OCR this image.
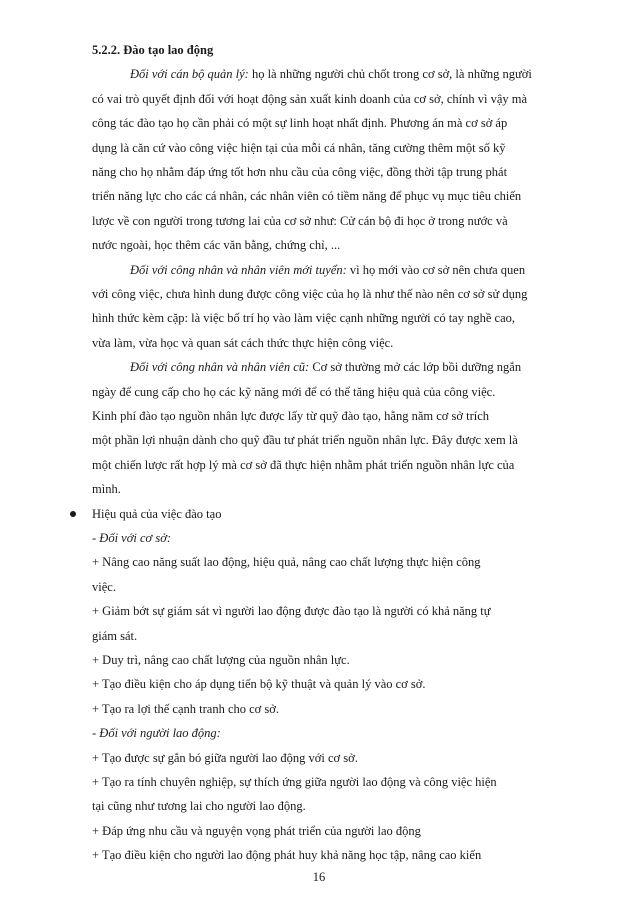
5.2.2. Đào tạo lao động
Đối với cán bộ quản lý: họ là những người chủ chốt trong cơ sở, là những người
có vai trò quyết định đối với hoạt động sản xuất kinh doanh của cơ sở, chính vì vậy mà
công tác đào tạo họ cần phải có một sự linh hoạt nhất định. Phương án mà cơ sở áp
dụng là căn cứ vào công việc hiện tại của mỗi cá nhân, tăng cường thêm một số kỹ
năng cho họ nhằm đáp ứng tốt hơn nhu cầu của công việc, đồng thời tập trung phát
triển năng lực cho các cá nhân, các nhân viên có tiềm năng để phục vụ mục tiêu chiến
lược về con người trong tương lai của cơ sở như: Cử cán bộ đi học ở trong nước và
nước ngoài, học thêm các văn bằng, chứng chỉ, ...
Đối với công nhân và nhân viên mới tuyển: vì họ mới vào cơ sở nên chưa quen
với công việc, chưa hình dung được công việc của họ là như thế nào nên cơ sở sử dụng
hình thức kèm cặp: là việc bố trí họ vào làm việc cạnh những người có tay nghề cao,
vừa làm, vừa học và quan sát cách thức thực hiện công việc.
Đối với công nhân và nhân viên cũ: Cơ sở thường mở các lớp bồi dưỡng ngắn
ngày để cung cấp cho họ các kỹ năng mới để có thể tăng hiệu quả của công việc.
Kinh phí đào tạo nguồn nhân lực được lấy từ quỹ đào tạo, hằng năm cơ sở trích
một phần lợi nhuận dành cho quỹ đầu tư phát triển nguồn nhân lực. Đây được xem là
một chiến lược rất hợp lý mà cơ sở đã thực hiện nhằm phát triển nguồn nhân lực của
mình.
Hiệu quả của việc đào tạo
- Đối với cơ sở:
+ Nâng cao năng suất lao động, hiệu quả, nâng cao chất lượng thực hiện công
việc.
+ Giảm bớt sự giám sát vì người lao động được đào tạo là người có khả năng tự
giám sát.
+ Duy trì, nâng cao chất lượng của nguồn nhân lực.
+ Tạo điều kiện cho áp dụng tiến bộ kỹ thuật và quản lý vào cơ sở.
+ Tạo ra lợi thế cạnh tranh cho cơ sở.
- Đối với người lao động:
+ Tạo được sự gắn bó giữa người lao động với cơ sở.
+ Tạo ra tính chuyên nghiệp, sự thích ứng giữa người lao động và công việc hiện
tại cũng như tương lai cho người lao động.
16
+ Đáp ứng nhu cầu và nguyện vọng phát triển của người lao động
+ Tạo điều kiện cho người lao động phát huy khả năng học tập, nâng cao kiến
